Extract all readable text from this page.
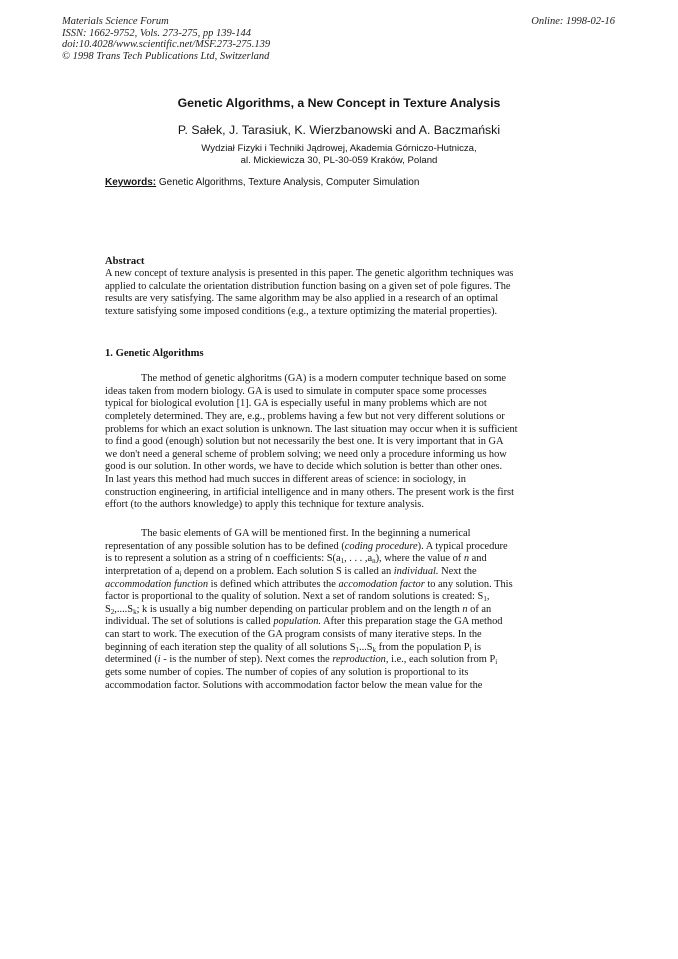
Materials Science Forum
ISSN: 1662-9752, Vols. 273-275, pp 139-144
doi:10.4028/www.scientific.net/MSF.273-275.139
© 1998 Trans Tech Publications Ltd, Switzerland
Online: 1998-02-16
Genetic Algorithms, a New Concept in Texture Analysis
P. Sałek, J. Tarasiuk, K. Wierzbanowski and A. Baczmański
Wydział Fizyki i Techniki Jądrowej, Akademia Górniczo-Hutnicza,
al. Mickiewicza 30, PL-30-059 Kraków, Poland
Keywords: Genetic Algorithms, Texture Analysis, Computer Simulation
Abstract
A new concept of texture analysis is presented in this paper. The genetic algorithm techniques was
applied to calculate the orientation distribution function basing on a given set of pole figures. The
results are very satisfying. The same algorithm may be also applied in a research of an optimal
texture satisfying some imposed conditions (e.g., a texture optimizing the material properties).
1. Genetic Algorithms
The method of genetic alghoritms (GA) is a modern computer technique based on some
ideas taken from modern biology. GA is used to simulate in computer space some processes
typical for biological evolution [1]. GA is especially useful in many problems which are not
completely determined. They are, e.g., problems having a few but not very different solutions or
problems for which an exact solution is unknown. The last situation may occur when it is sufficient
to find a good (enough) solution but not necessarily the best one. It is very important that in GA
we don't need a general scheme of problem solving; we need only a procedure informing us how
good is our solution. In other words, we have to decide which solution is better than other ones.
In last years this method had much succes in different areas of science: in sociology, in
construction engineering, in artificial intelligence and in many others. The present work is the first
effort (to the authors knowledge) to apply this technique for texture analysis.
The basic elements of GA will be mentioned first. In the beginning a numerical
representation of any possible solution has to be defined (coding procedure). A typical procedure
is to represent a solution as a string of n coefficients: $S(a_1$, . . . $,a_n$), where the value of n and
interpretation of $a_i$ depend on a problem. Each solution S is called an individual. Next the
accommodation function is defined which attributes the accomodation factor to any solution. This
factor is proportional to the quality of solution. Next a set of random solutions is created: $S_1$,
$S_2,....S_k$; k is usually a big number depending on particular problem and on the length n of an
individual. The set of solutions is called population. After this preparation stage the GA method
can start to work. The execution of the GA program consists of many iterative steps. In the
beginning of each iteration step the quality of all solutions $S_1...S_k$ from the population $P_i$ is
determined (i - is the number of step). Next comes the reproduction, i.e., each solution from $P_i$
gets some number of copies. The number of copies of any solution is proportional to its
accommodation factor. Solutions with accommodation factor below the mean value for the
